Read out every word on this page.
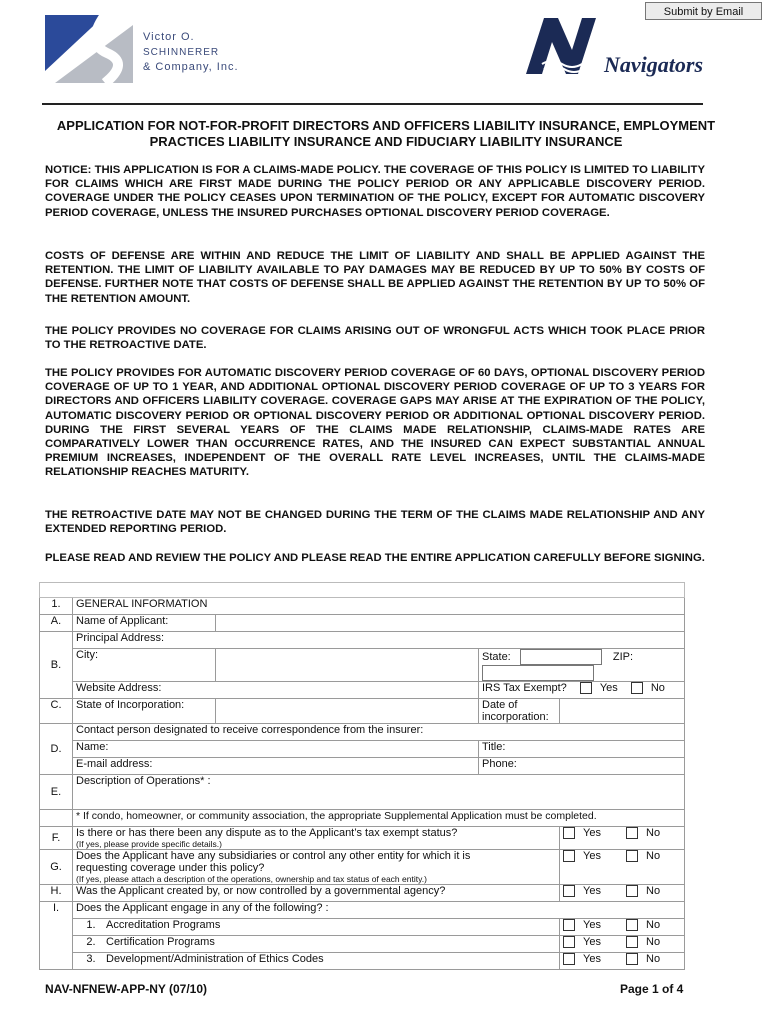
Submit by Email
Victor O.
SCHINNERER
& Company, Inc.	Navigators
APPLICATION FOR NOT-FOR-PROFIT DIRECTORS AND OFFICERS LIABILITY INSURANCE, EMPLOYMENT PRACTICES LIABILITY INSURANCE AND FIDUCIARY LIABILITY INSURANCE
NOTICE: THIS APPLICATION IS FOR A CLAIMS-MADE POLICY. THE COVERAGE OF THIS POLICY IS LIMITED TO LIABILITY FOR CLAIMS WHICH ARE FIRST MADE DURING THE POLICY PERIOD OR ANY APPLICABLE DISCOVERY PERIOD. COVERAGE UNDER THE POLICY CEASES UPON TERMINATION OF THE POLICY, EXCEPT FOR AUTOMATIC DISCOVERY PERIOD COVERAGE, UNLESS THE INSURED PURCHASES OPTIONAL DISCOVERY PERIOD COVERAGE.
COSTS OF DEFENSE ARE WITHIN AND REDUCE THE LIMIT OF LIABILITY AND SHALL BE APPLIED AGAINST THE RETENTION. THE LIMIT OF LIABILITY AVAILABLE TO PAY DAMAGES MAY BE REDUCED BY UP TO 50% BY COSTS OF DEFENSE. FURTHER NOTE THAT COSTS OF DEFENSE SHALL BE APPLIED AGAINST THE RETENTION BY UP TO 50% OF THE RETENTION AMOUNT.
THE POLICY PROVIDES NO COVERAGE FOR CLAIMS ARISING OUT OF WRONGFUL ACTS WHICH TOOK PLACE PRIOR TO THE RETROACTIVE DATE.
THE POLICY PROVIDES FOR AUTOMATIC DISCOVERY PERIOD COVERAGE OF 60 DAYS, OPTIONAL DISCOVERY PERIOD COVERAGE OF UP TO 1 YEAR, AND ADDITIONAL OPTIONAL DISCOVERY PERIOD COVERAGE OF UP TO 3 YEARS FOR DIRECTORS AND OFFICERS LIABILITY COVERAGE. COVERAGE GAPS MAY ARISE AT THE EXPIRATION OF THE POLICY, AUTOMATIC DISCOVERY PERIOD OR OPTIONAL DISCOVERY PERIOD OR ADDITIONAL OPTIONAL DISCOVERY PERIOD. DURING THE FIRST SEVERAL YEARS OF THE CLAIMS MADE RELATIONSHIP, CLAIMS-MADE RATES ARE COMPARATIVELY LOWER THAN OCCURRENCE RATES, AND THE INSURED CAN EXPECT SUBSTANTIAL ANNUAL PREMIUM INCREASES, INDEPENDENT OF THE OVERALL RATE LEVEL INCREASES, UNTIL THE CLAIMS-MADE RELATIONSHIP REACHES MATURITY.
THE RETROACTIVE DATE MAY NOT BE CHANGED DURING THE TERM OF THE CLAIMS MADE RELATIONSHIP AND ANY EXTENDED REPORTING PERIOD.
PLEASE READ AND REVIEW THE POLICY AND PLEASE READ THE ENTIRE APPLICATION CAREFULLY BEFORE SIGNING.

1.	GENERAL INFORMATION			
A.	Name of Applicant:			
B.	Principal Address:			
	City:		State: ZIP:	
	Website Address:		IRS Tax Exempt? Yes No	
C.	State of Incorporation:		Date of incorporation:	
D.	Contact person designated to receive correspondence from the insurer:			
	Name:		Title:	
	E-mail address:		Phone:	
E.	Description of Operations* :			
	* If condo, homeowner, or community association, the appropriate Supplemental Application must be completed.			
F.	Is there or has there been any dispute as to the Applicant’s tax exempt status?
(If yes, please provide specific details.)			Yes No
G.	Does the Applicant have any subsidiaries or control any other entity for which it is
requesting coverage under this policy?
(If yes, please attach a description of the operations, ownership and tax status of each entity.)			Yes No
H.	Was the Applicant created by, or now controlled by a governmental agency?			Yes No
I.	Does the Applicant engage in any of the following? :			
	1. Accreditation Programs			Yes No
	2. Certification Programs			Yes No
	3. Development/Administration of Ethics Codes			Yes No
NAV-NFNEW-APP-NY (07/10)	Page 1 of 4
